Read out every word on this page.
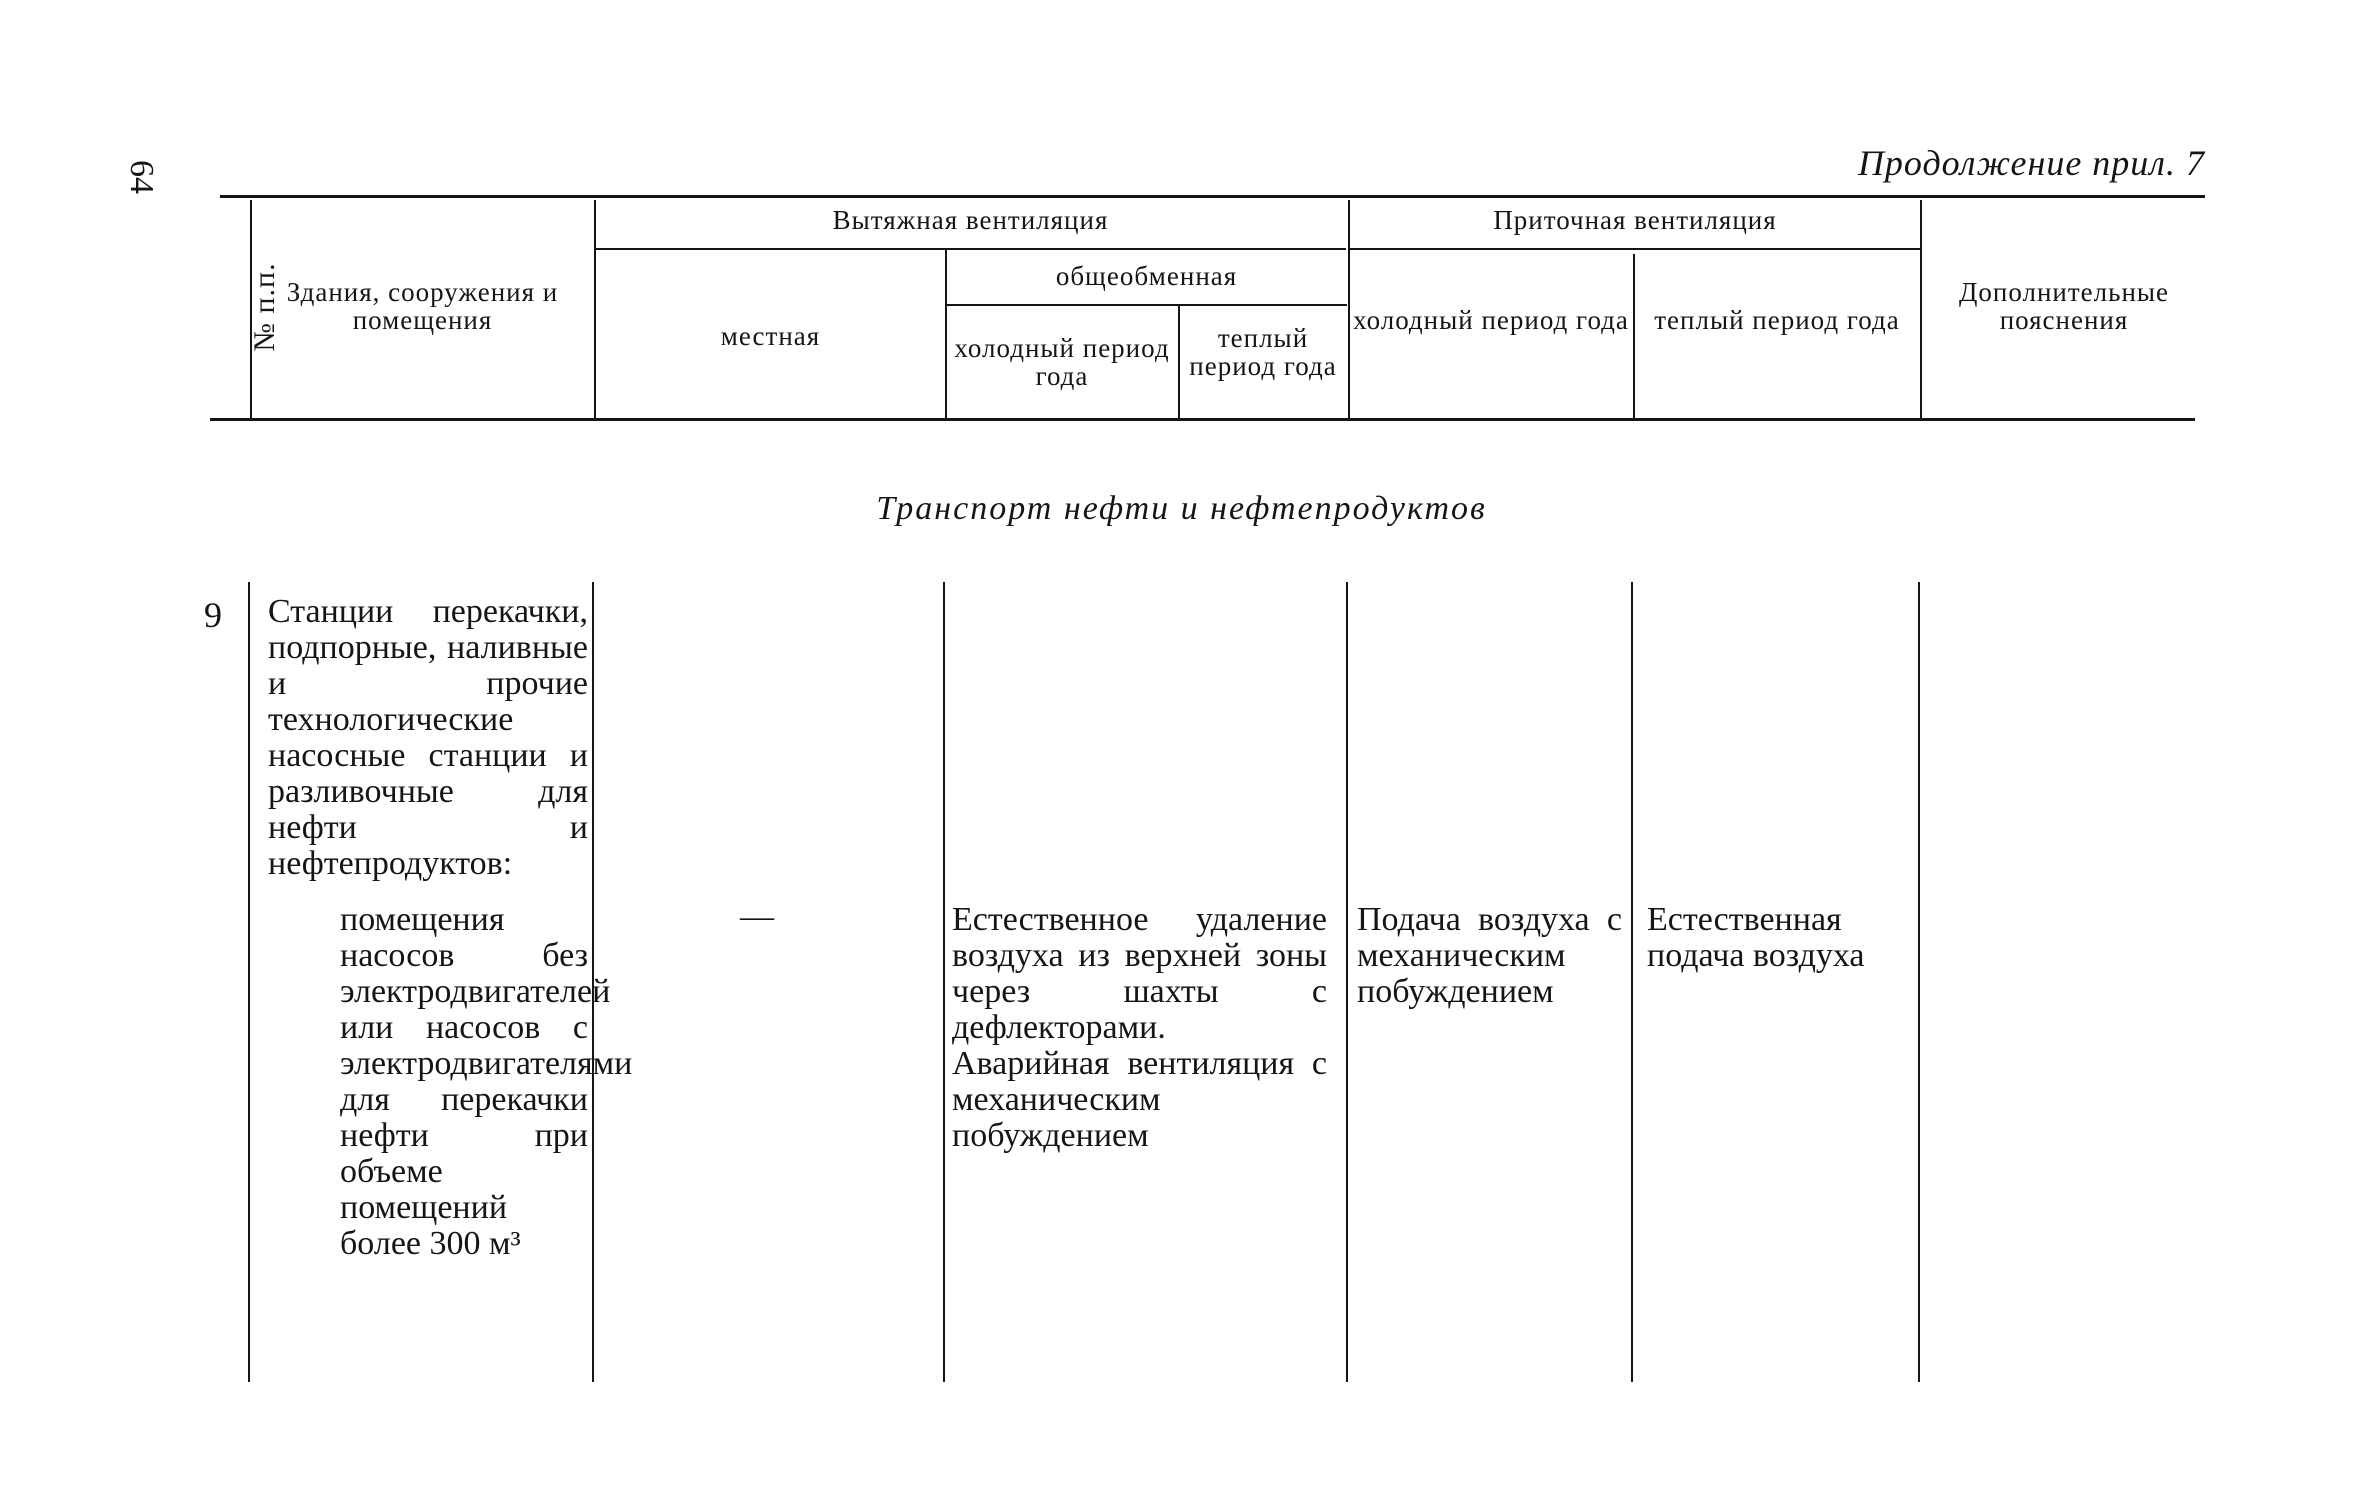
64	Продолжение прил. 7
№ п.п. Здания, сооружения и помещения
Вытяжная вентиляция
местная
общеобменная
холодный период года
теплый период года
Приточная вентиляция
холодный период года теплый период года
Дополнительные пояснения
Транспорт нефти и нефтепродуктов
9 Станции перекачки, подпорные, наливные и прочие технологические насосные станции и разливочные для нефти и нефтепродуктов:
помещения насосов без электродвигателей или насосов с электродвигателями для перекачки нефти при объеме помещений более 300 м³
—	Естественное удаление воздуха из верхней зоны через шахты с дефлекторами. Аварийная вентиляция с механическим побуждением
Подача воздуха с механическим побуждением
Естественная подача воздуха
